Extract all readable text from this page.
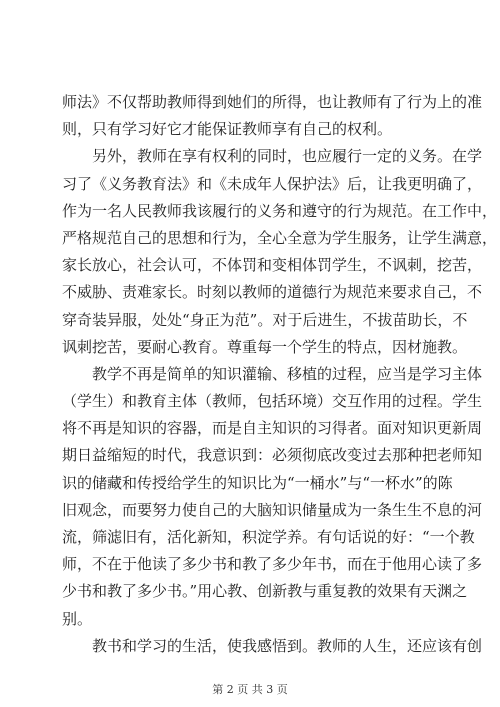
师法》不仅帮助教师得到她们的所得，也让教师有了行为上的准
则，只有学习好它才能保证教师享有自己的权利。
另外，教师在享有权利的同时，也应履行一定的义务。在学
习了《义务教育法》和《未成年人保护法》后，让我更明确了，
作为一名人民教师我该履行的义务和遵守的行为规范。在工作中，
严格规范自己的思想和行为，全心全意为学生服务，让学生满意，
家长放心，社会认可，不体罚和变相体罚学生，不讽刺，挖苦，
不威胁、责难家长。时刻以教师的道德行为规范来要求自己，不
穿奇装异服，处处“身正为范”。对于后进生，不拔苗助长，不
讽刺挖苦，要耐心教育。尊重每一个学生的特点，因材施教。
教学不再是简单的知识灌输、移植的过程，应当是学习主体
（学生）和教育主体（教师，包括环境）交互作用的过程。学生
将不再是知识的容器，而是自主知识的习得者。面对知识更新周
期日益缩短的时代，我意识到：必须彻底改变过去那种把老师知
识的储藏和传授给学生的知识比为“一桶水”与“一杯水”的陈
旧观念，而要努力使自己的大脑知识储量成为一条生生不息的河
流，筛滤旧有，活化新知，积淀学养。有句话说的好：“一个教
师，不在于他读了多少书和教了多少年书，而在于他用心读了多
少书和教了多少书。”用心教、创新教与重复教的效果有天渊之
别。
教书和学习的生活，使我感悟到。教师的人生，还应该有创
第 2 页 共 3 页
